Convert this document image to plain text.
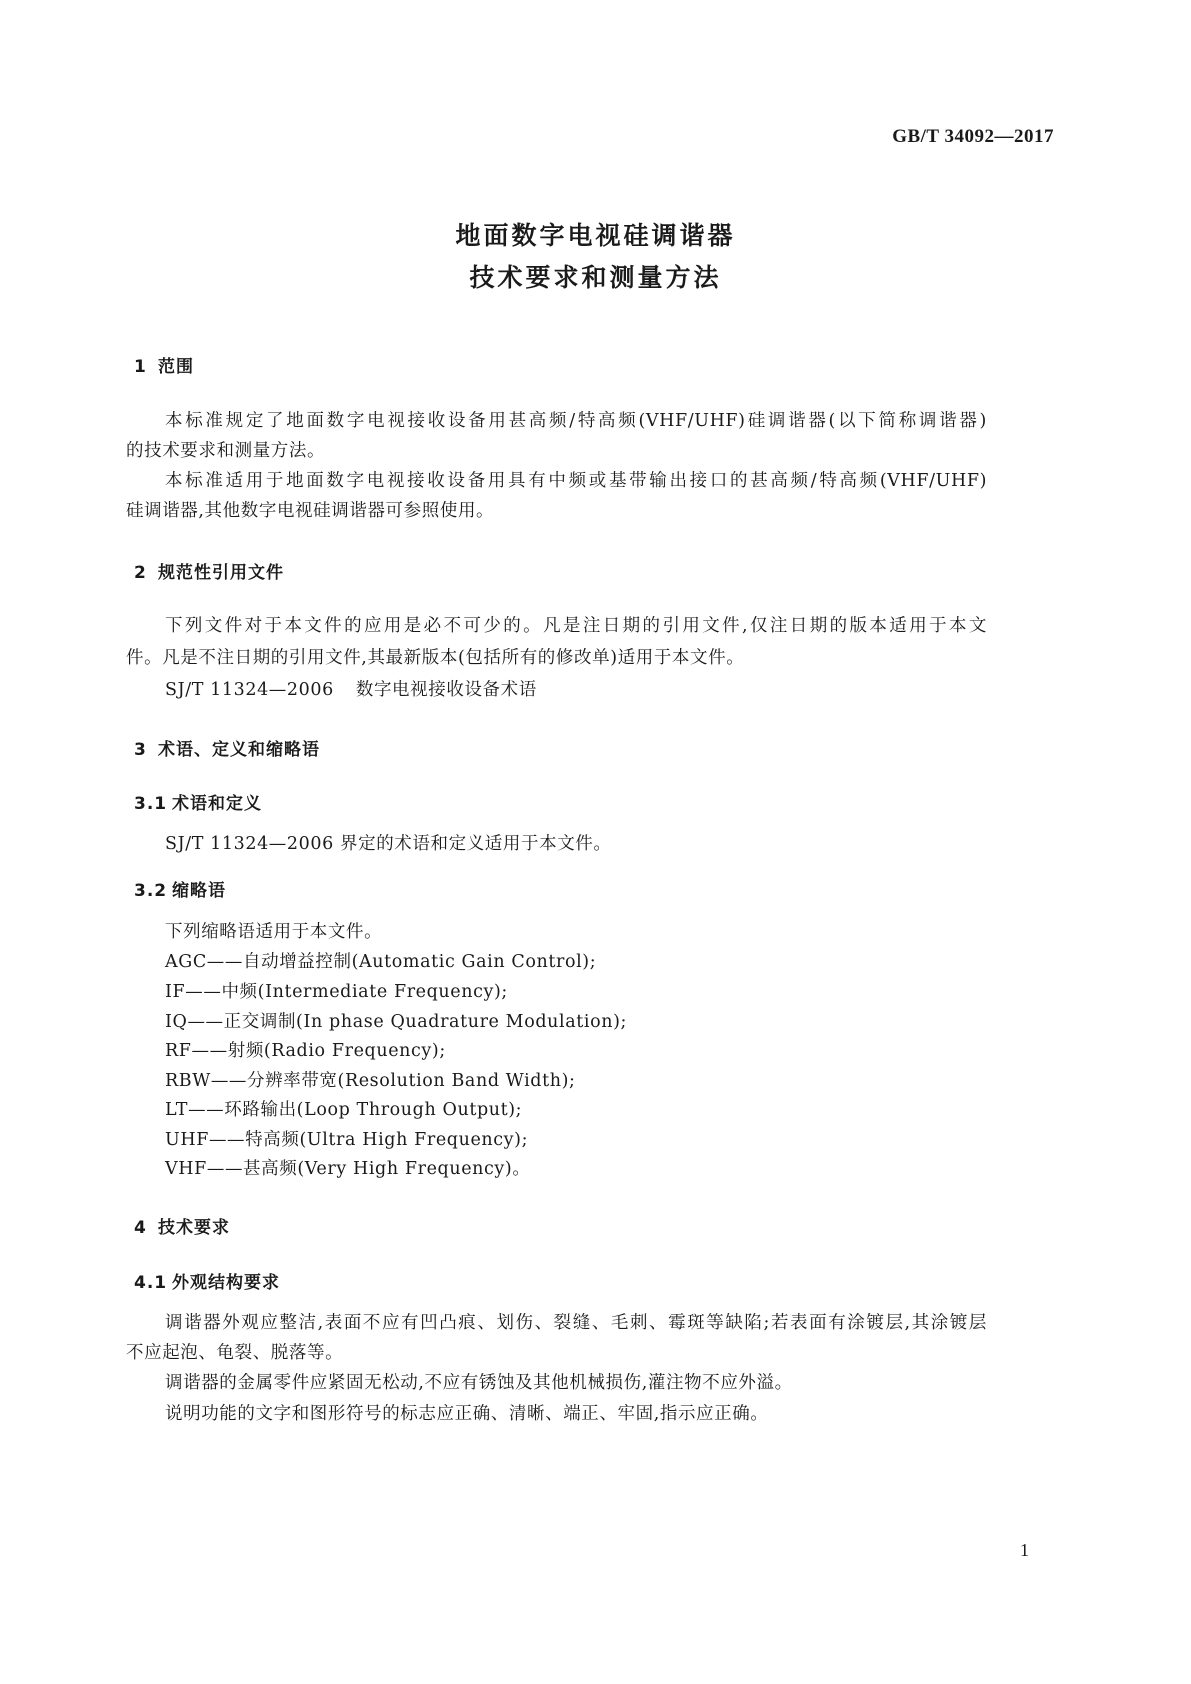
GB/T 34092—2017
地面数字电视硅调谐器
技术要求和测量方法
1 范围
本标准规定了地面数字电视接收设备用甚高频/特高频(VHF/UHF)硅调谐器(以下简称调谐器)
的技术要求和测量方法。
本标准适用于地面数字电视接收设备用具有中频或基带输出接口的甚高频/特高频(VHF/UHF)
硅调谐器,其他数字电视硅调谐器可参照使用。
2 规范性引用文件
下列文件对于本文件的应用是必不可少的。凡是注日期的引用文件,仅注日期的版本适用于本文
件。凡是不注日期的引用文件,其最新版本(包括所有的修改单)适用于本文件。
SJ/T 11324—2006 数字电视接收设备术语
3 术语、定义和缩略语
3.1 术语和定义
SJ/T 11324—2006 界定的术语和定义适用于本文件。
3.2 缩略语
下列缩略语适用于本文件。
AGC——自动增益控制(Automatic Gain Control);
IF——中频(Intermediate Frequency);
IQ——正交调制(In phase Quadrature Modulation);
RF——射频(Radio Frequency);
RBW——分辨率带宽(Resolution Band Width);
LT——环路输出(Loop Through Output);
UHF——特高频(Ultra High Frequency);
VHF——甚高频(Very High Frequency)。
4 技术要求
4.1 外观结构要求
调谐器外观应整洁,表面不应有凹凸痕、划伤、裂缝、毛刺、霉斑等缺陷;若表面有涂镀层,其涂镀层
不应起泡、龟裂、脱落等。
调谐器的金属零件应紧固无松动,不应有锈蚀及其他机械损伤,灌注物不应外溢。
说明功能的文字和图形符号的标志应正确、清晰、端正、牢固,指示应正确。
1
